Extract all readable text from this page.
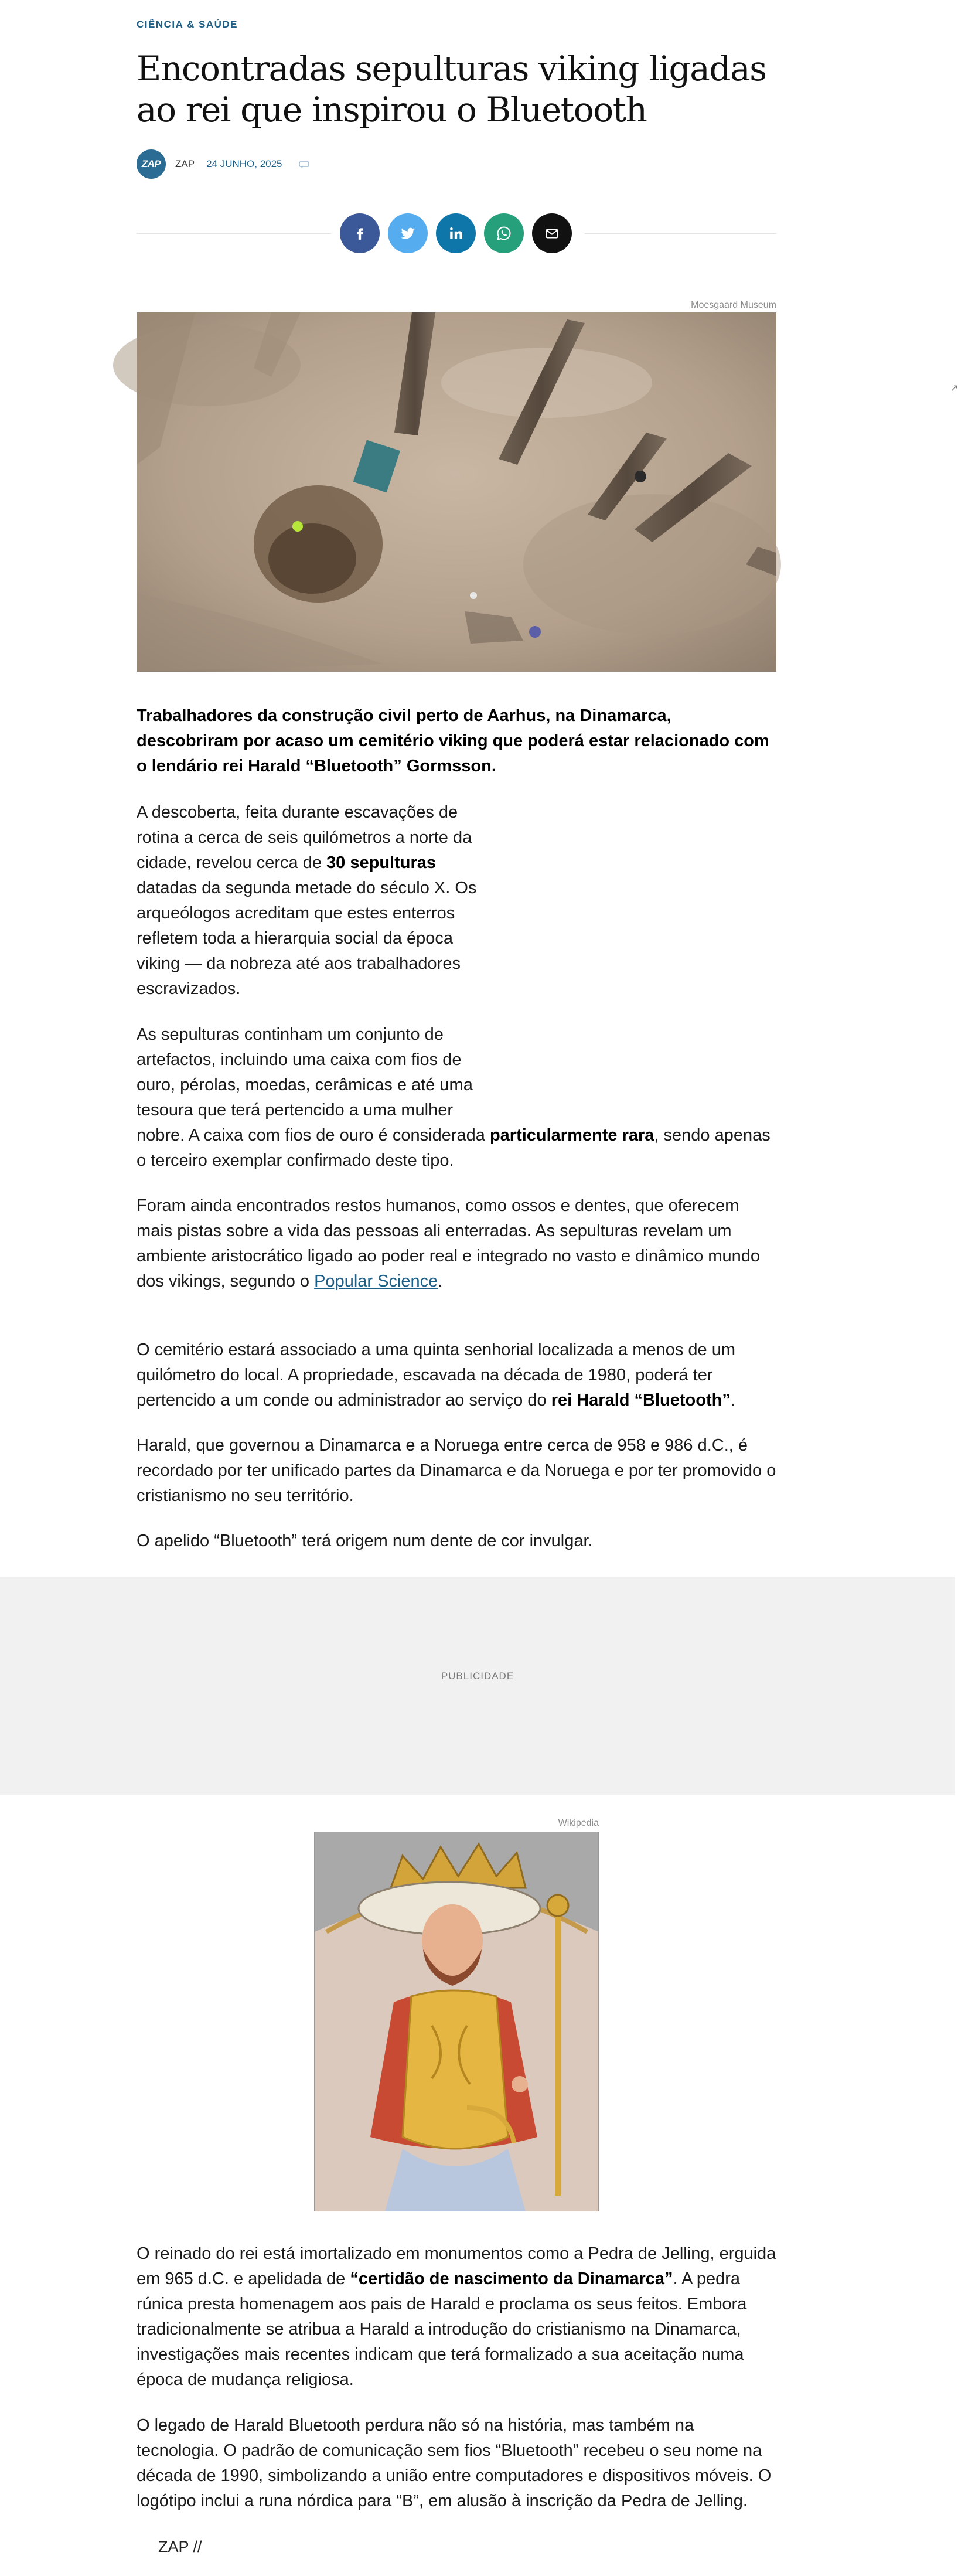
CIÊNCIA & SAÚDE
Encontradas sepulturas viking ligadas ao rei que inspirou o Bluetooth
ZAP	ZAP 24 JUNHO, 2025
Moesgaard Museum

Trabalhadores da construção civil perto de Aarhus, na Dinamarca, descobriram por acaso um cemitério viking que poderá estar relacionado com o lendário rei Harald “Bluetooth” Gormsson.

A descoberta, feita durante escavações de
rotina a cerca de seis quilómetros a norte da
cidade, revelou cerca de 30 sepulturas
datadas da segunda metade do século X. Os
arqueólogos acreditam que estes enterros
refletem toda a hierarquia social da época
viking — da nobreza até aos trabalhadores
escravizados.

As sepulturas continham um conjunto de
artefactos, incluindo uma caixa com fios de
ouro, pérolas, moedas, cerâmicas e até uma
tesoura que terá pertencido a uma mulher
nobre. A caixa com fios de ouro é considerada particularmente rara, sendo apenas
o terceiro exemplar confirmado deste tipo.

Foram ainda encontrados restos humanos, como ossos e dentes, que oferecem mais pistas sobre a vida das pessoas ali enterradas. As sepulturas revelam um ambiente aristocrático ligado ao poder real e integrado no vasto e dinâmico mundo dos vikings, segundo o Popular Science.

O cemitério estará associado a uma quinta senhorial localizada a menos de um quilómetro do local. A propriedade, escavada na década de 1980, poderá ter pertencido a um conde ou administrador ao serviço do rei Harald “Bluetooth”.

Harald, que governou a Dinamarca e a Noruega entre cerca de 958 e 986 d.C., é recordado por ter unificado partes da Dinamarca e da Noruega e por ter promovido o cristianismo no seu território.

O apelido “Bluetooth” terá origem num dente de cor invulgar.

PUBLICIDADE
Wikipedia

O reinado do rei está imortalizado em monumentos como a Pedra de Jelling, erguida em 965 d.C. e apelidada de “certidão de nascimento da Dinamarca”. A pedra rúnica presta homenagem aos pais de Harald e proclama os seus feitos. Embora tradicionalmente se atribua a Harald a introdução do cristianismo na Dinamarca, investigações mais recentes indicam que terá formalizado a sua aceitação numa época de mudança religiosa.

O legado de Harald Bluetooth perdura não só na história, mas também na tecnologia. O padrão de comunicação sem fios “Bluetooth” recebeu o seu nome na década de 1990, simbolizando a união entre computadores e dispositivos móveis. O logótipo inclui a runa nórdica para “B”, em alusão à inscrição da Pedra de Jelling.

ZAP //
↗
